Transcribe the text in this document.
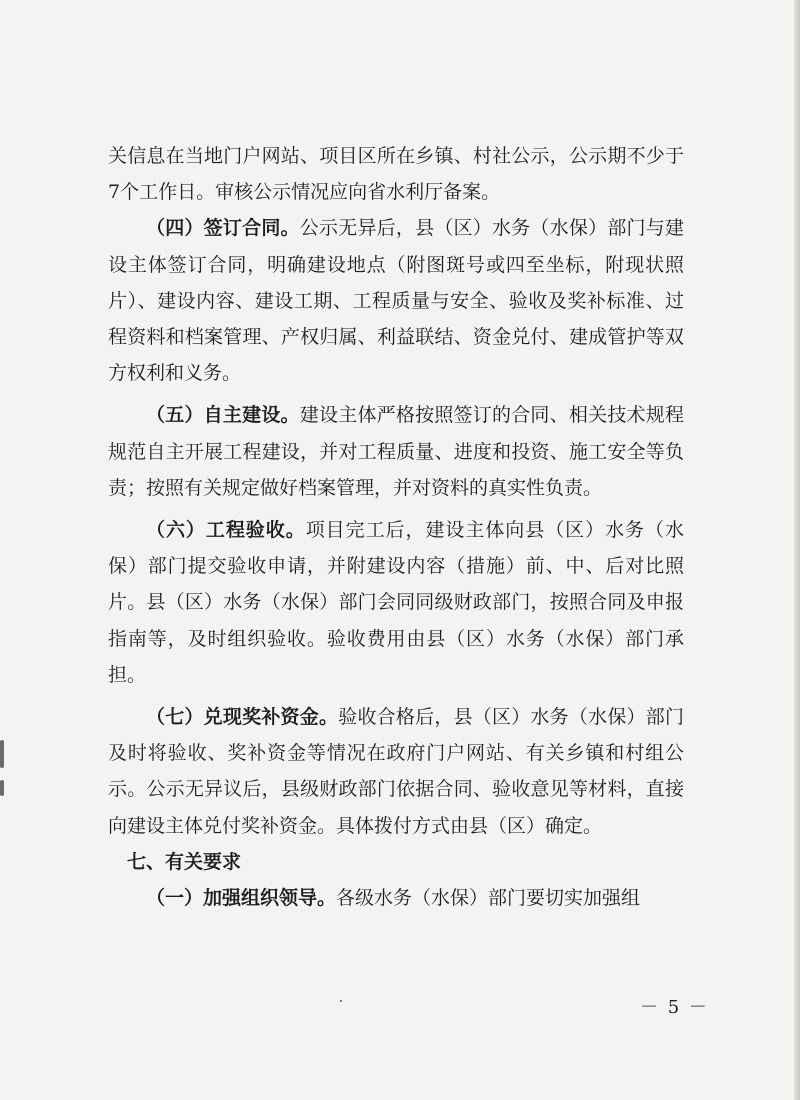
关信息在当地门户网站、项目区所在乡镇、村社公示，公示期不少于7个工作日。审核公示情况应向省水利厅备案。

（四）签订合同。公示无异后，县（区）水务（水保）部门与建设主体签订合同，明确建设地点（附图斑号或四至坐标，附现状照片）、建设内容、建设工期、工程质量与安全、验收及奖补标准、过程资料和档案管理、产权归属、利益联结、资金兑付、建成管护等双方权利和义务。

（五）自主建设。建设主体严格按照签订的合同、相关技术规程规范自主开展工程建设，并对工程质量、进度和投资、施工安全等负责；按照有关规定做好档案管理，并对资料的真实性负责。

（六）工程验收。项目完工后，建设主体向县（区）水务（水保）部门提交验收申请，并附建设内容（措施）前、中、后对比照片。县（区）水务（水保）部门会同同级财政部门，按照合同及申报指南等，及时组织验收。验收费用由县（区）水务（水保）部门承担。

（七）兑现奖补资金。验收合格后，县（区）水务（水保）部门及时将验收、奖补资金等情况在政府门户网站、有关乡镇和村组公示。公示无异议后，县级财政部门依据合同、验收意见等材料，直接向建设主体兑付奖补资金。具体拨付方式由县（区）确定。

七、有关要求

（一）加强组织领导。各级水务（水保）部门要切实加强组

－ 5 －
